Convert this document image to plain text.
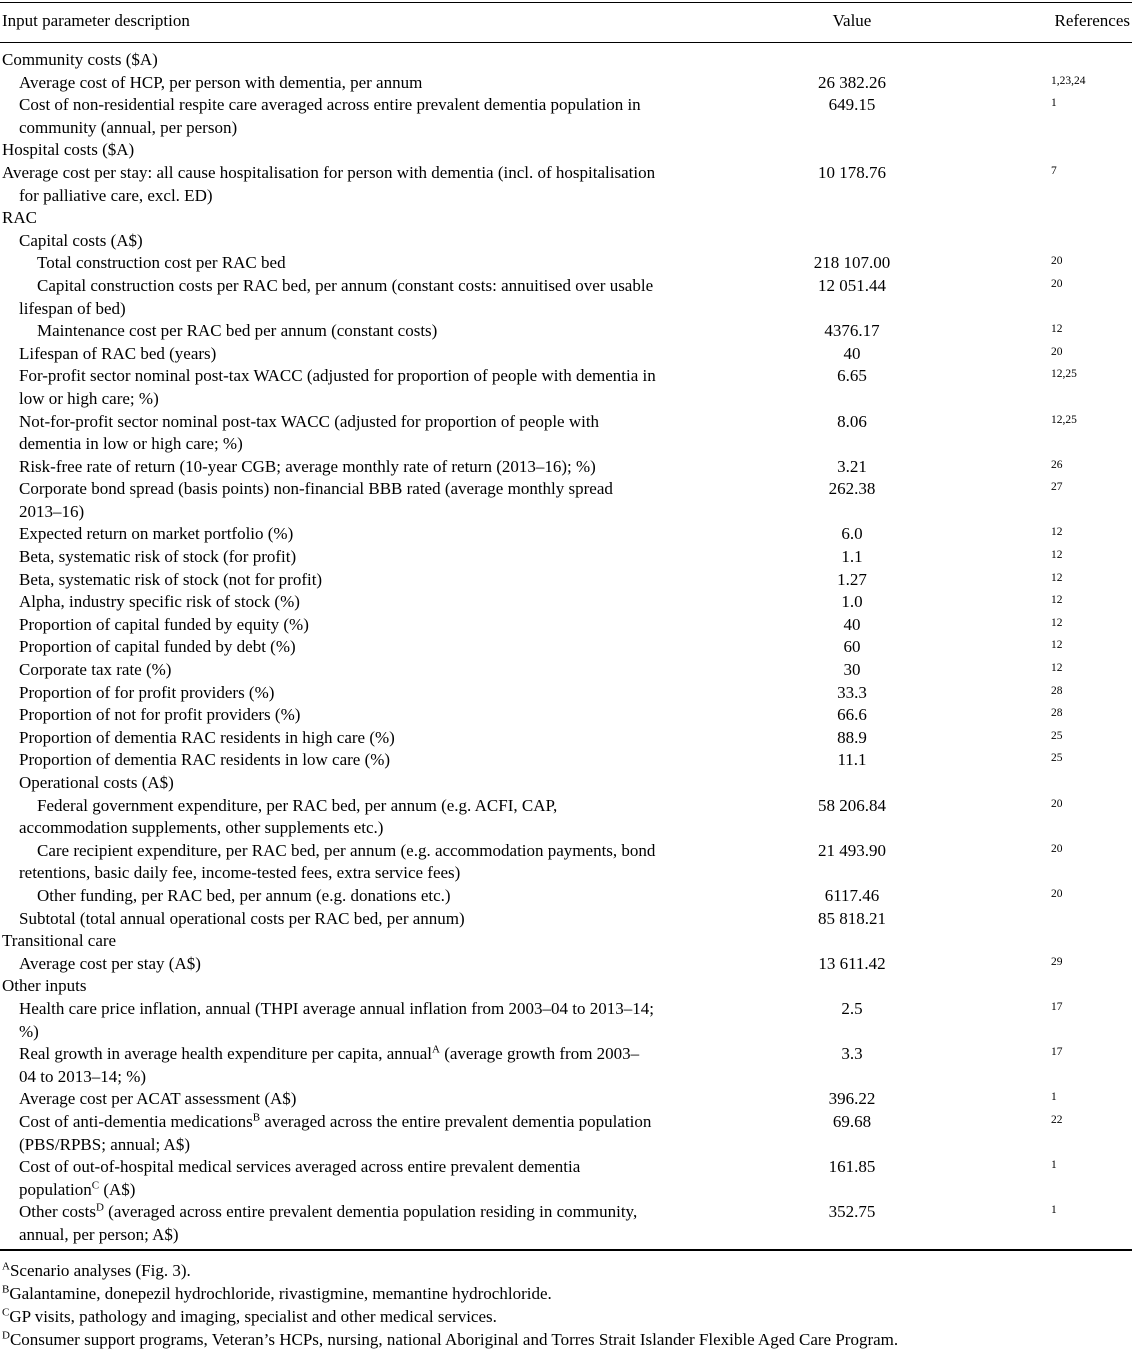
Input parameter description	Value	References
Community costs ($A)		
Average cost of HCP, per person with dementia, per annum	26 382.26	1,23,24
Cost of non-residential respite care averaged across entire prevalent dementia population in community (annual, per person)	649.15	1
Hospital costs ($A)		
Average cost per stay: all cause hospitalisation for person with dementia (incl. of hospitalisation for palliative care, excl. ED)	10 178.76	7
RAC		
Capital costs (A$)		
Total construction cost per RAC bed	218 107.00	20
Capital construction costs per RAC bed, per annum (constant costs: annuitised over usable lifespan of bed)	12 051.44	20
Maintenance cost per RAC bed per annum (constant costs)	4376.17	12
Lifespan of RAC bed (years)	40	20
For-profit sector nominal post-tax WACC (adjusted for proportion of people with dementia in low or high care; %)	6.65	12,25
Not-for-profit sector nominal post-tax WACC (adjusted for proportion of people with dementia in low or high care; %)	8.06	12,25
Risk-free rate of return (10-year CGB; average monthly rate of return (2013–16); %)	3.21	26
Corporate bond spread (basis points) non-financial BBB rated (average monthly spread 2013–16)	262.38	27
Expected return on market portfolio (%)	6.0	12
Beta, systematic risk of stock (for profit)	1.1	12
Beta, systematic risk of stock (not for profit)	1.27	12
Alpha, industry specific risk of stock (%)	1.0	12
Proportion of capital funded by equity (%)	40	12
Proportion of capital funded by debt (%)	60	12
Corporate tax rate (%)	30	12
Proportion of for profit providers (%)	33.3	28
Proportion of not for profit providers (%)	66.6	28
Proportion of dementia RAC residents in high care (%)	88.9	25
Proportion of dementia RAC residents in low care (%)	11.1	25
Operational costs (A$)		
Federal government expenditure, per RAC bed, per annum (e.g. ACFI, CAP, accommodation supplements, other supplements etc.)	58 206.84	20
Care recipient expenditure, per RAC bed, per annum (e.g. accommodation payments, bond retentions, basic daily fee, income-tested fees, extra service fees)	21 493.90	20
Other funding, per RAC bed, per annum (e.g. donations etc.)	6117.46	20
Subtotal (total annual operational costs per RAC bed, per annum)	85 818.21	
Transitional care		
Average cost per stay (A$)	13 611.42	29
Other inputs		
Health care price inflation, annual (THPI average annual inflation from 2003–04 to 2013–14; %)	2.5	17
Real growth in average health expenditure per capita, annual$^A$ (average growth from 2003–04 to 2013–14; %)	3.3	17
Average cost per ACAT assessment (A$)	396.22	1
Cost of anti-dementia medications$^B$ averaged across the entire prevalent dementia population (PBS/RPBS; annual; A$)	69.68	22
Cost of out-of-hospital medical services averaged across entire prevalent dementia population$^C$ (A$)	161.85	1
Other costs$^D$ (averaged across entire prevalent dementia population residing in community, annual, per person; A$)	352.75	1
$^A$Scenario analyses (Fig. 3).
$^B$Galantamine, donepezil hydrochloride, rivastigmine, memantine hydrochloride.
$^C$GP visits, pathology and imaging, specialist and other medical services.
$^D$Consumer support programs, Veteran’s HCPs, nursing, national Aboriginal and Torres Strait Islander Flexible Aged Care Program.
